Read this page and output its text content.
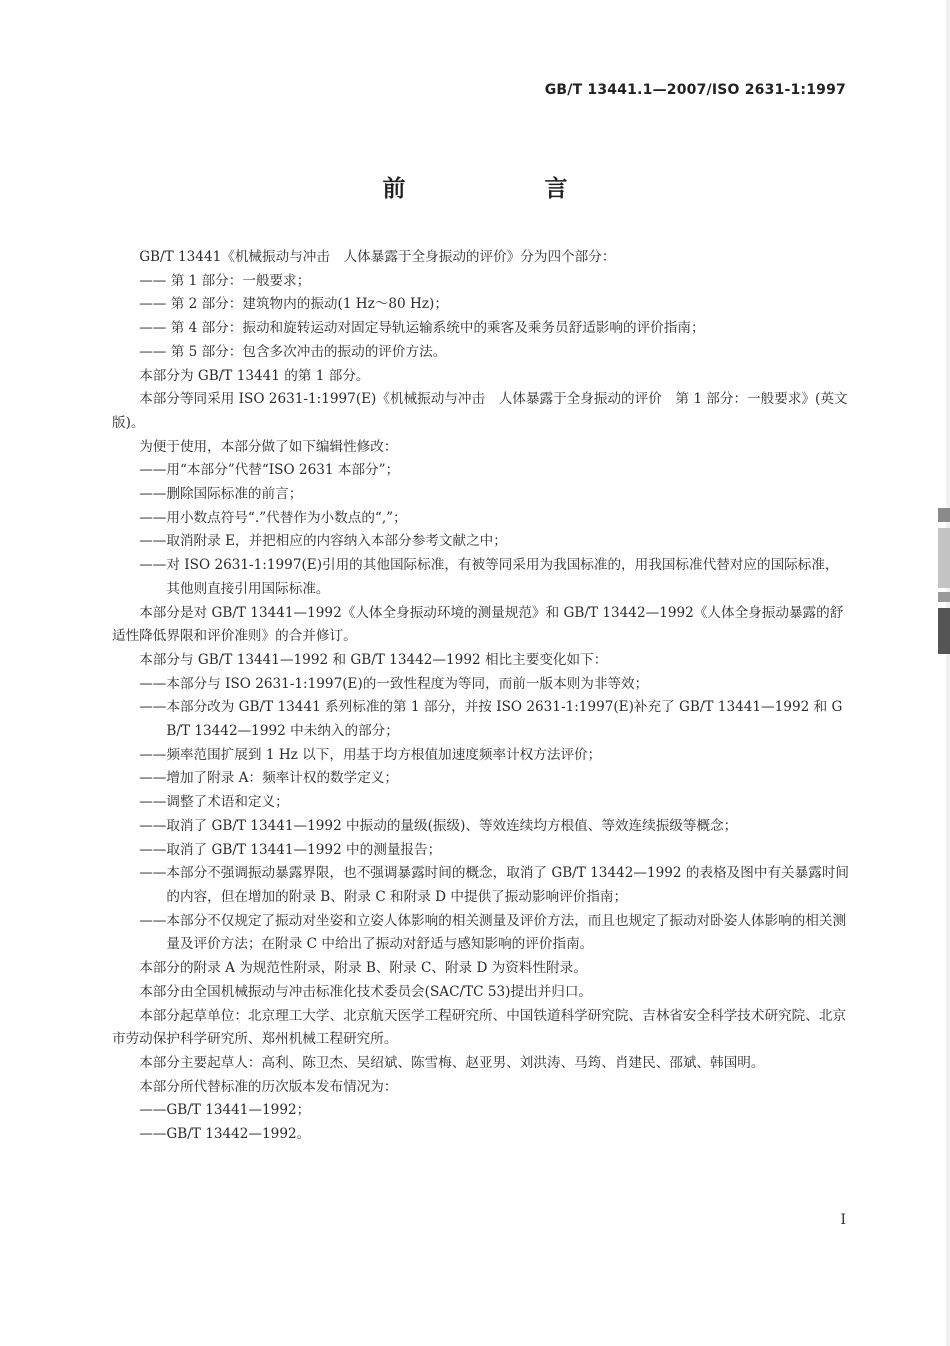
GB/T 13441.1—2007/ISO 2631-1:1997
前　言

GB/T 13441《机械振动与冲击　人体暴露于全身振动的评价》分为四个部分：

—— 第 1 部分：一般要求；

—— 第 2 部分：建筑物内的振动(1 Hz～80 Hz)；

—— 第 4 部分：振动和旋转运动对固定导轨运输系统中的乘客及乘务员舒适影响的评价指南；

—— 第 5 部分：包含多次冲击的振动的评价方法。

本部分为 GB/T 13441 的第 1 部分。

本部分等同采用 ISO 2631-1:1997(E)《机械振动与冲击　人体暴露于全身振动的评价　第 1 部分：一般要求》(英文版)。

为便于使用，本部分做了如下编辑性修改：

——用“本部分”代替“ISO 2631 本部分”；

——删除国际标准的前言；

——用小数点符号“.”代替作为小数点的“,”；

——取消附录 E，并把相应的内容纳入本部分参考文献之中；

——对 ISO 2631-1:1997(E)引用的其他国际标准，有被等同采用为我国标准的，用我国标准代替对应的国际标准，其他则直接引用国际标准。

本部分是对 GB/T 13441—1992《人体全身振动环境的测量规范》和 GB/T 13442—1992《人体全身振动暴露的舒适性降低界限和评价准则》的合并修订。

本部分与 GB/T 13441—1992 和 GB/T 13442—1992 相比主要变化如下：

——本部分与 ISO 2631-1:1997(E)的一致性程度为等同，而前一版本则为非等效；

——本部分改为 GB/T 13441 系列标准的第 1 部分，并按 ISO 2631-1:1997(E)补充了 GB/T 13441—1992 和 GB/T 13442—1992 中未纳入的部分；

——频率范围扩展到 1 Hz 以下，用基于均方根值加速度频率计权方法评价；

——增加了附录 A：频率计权的数学定义；

——调整了术语和定义；

——取消了 GB/T 13441—1992 中振动的量级(振级)、等效连续均方根值、等效连续振级等概念；

——取消了 GB/T 13441—1992 中的测量报告；

——本部分不强调振动暴露界限，也不强调暴露时间的概念，取消了 GB/T 13442—1992 的表格及图中有关暴露时间的内容，但在增加的附录 B、附录 C 和附录 D 中提供了振动影响评价指南；

——本部分不仅规定了振动对坐姿和立姿人体影响的相关测量及评价方法，而且也规定了振动对卧姿人体影响的相关测量及评价方法；在附录 C 中给出了振动对舒适与感知影响的评价指南。

本部分的附录 A 为规范性附录，附录 B、附录 C、附录 D 为资料性附录。

本部分由全国机械振动与冲击标准化技术委员会(SAC/TC 53)提出并归口。

本部分起草单位：北京理工大学、北京航天医学工程研究所、中国铁道科学研究院、吉林省安全科学技术研究院、北京市劳动保护科学研究所、郑州机械工程研究所。

本部分主要起草人：高利、陈卫杰、吴绍斌、陈雪梅、赵亚男、刘洪涛、马筠、肖建民、邵斌、韩国明。

本部分所代替标准的历次版本发布情况为：

——GB/T 13441—1992；

——GB/T 13442—1992。

I
